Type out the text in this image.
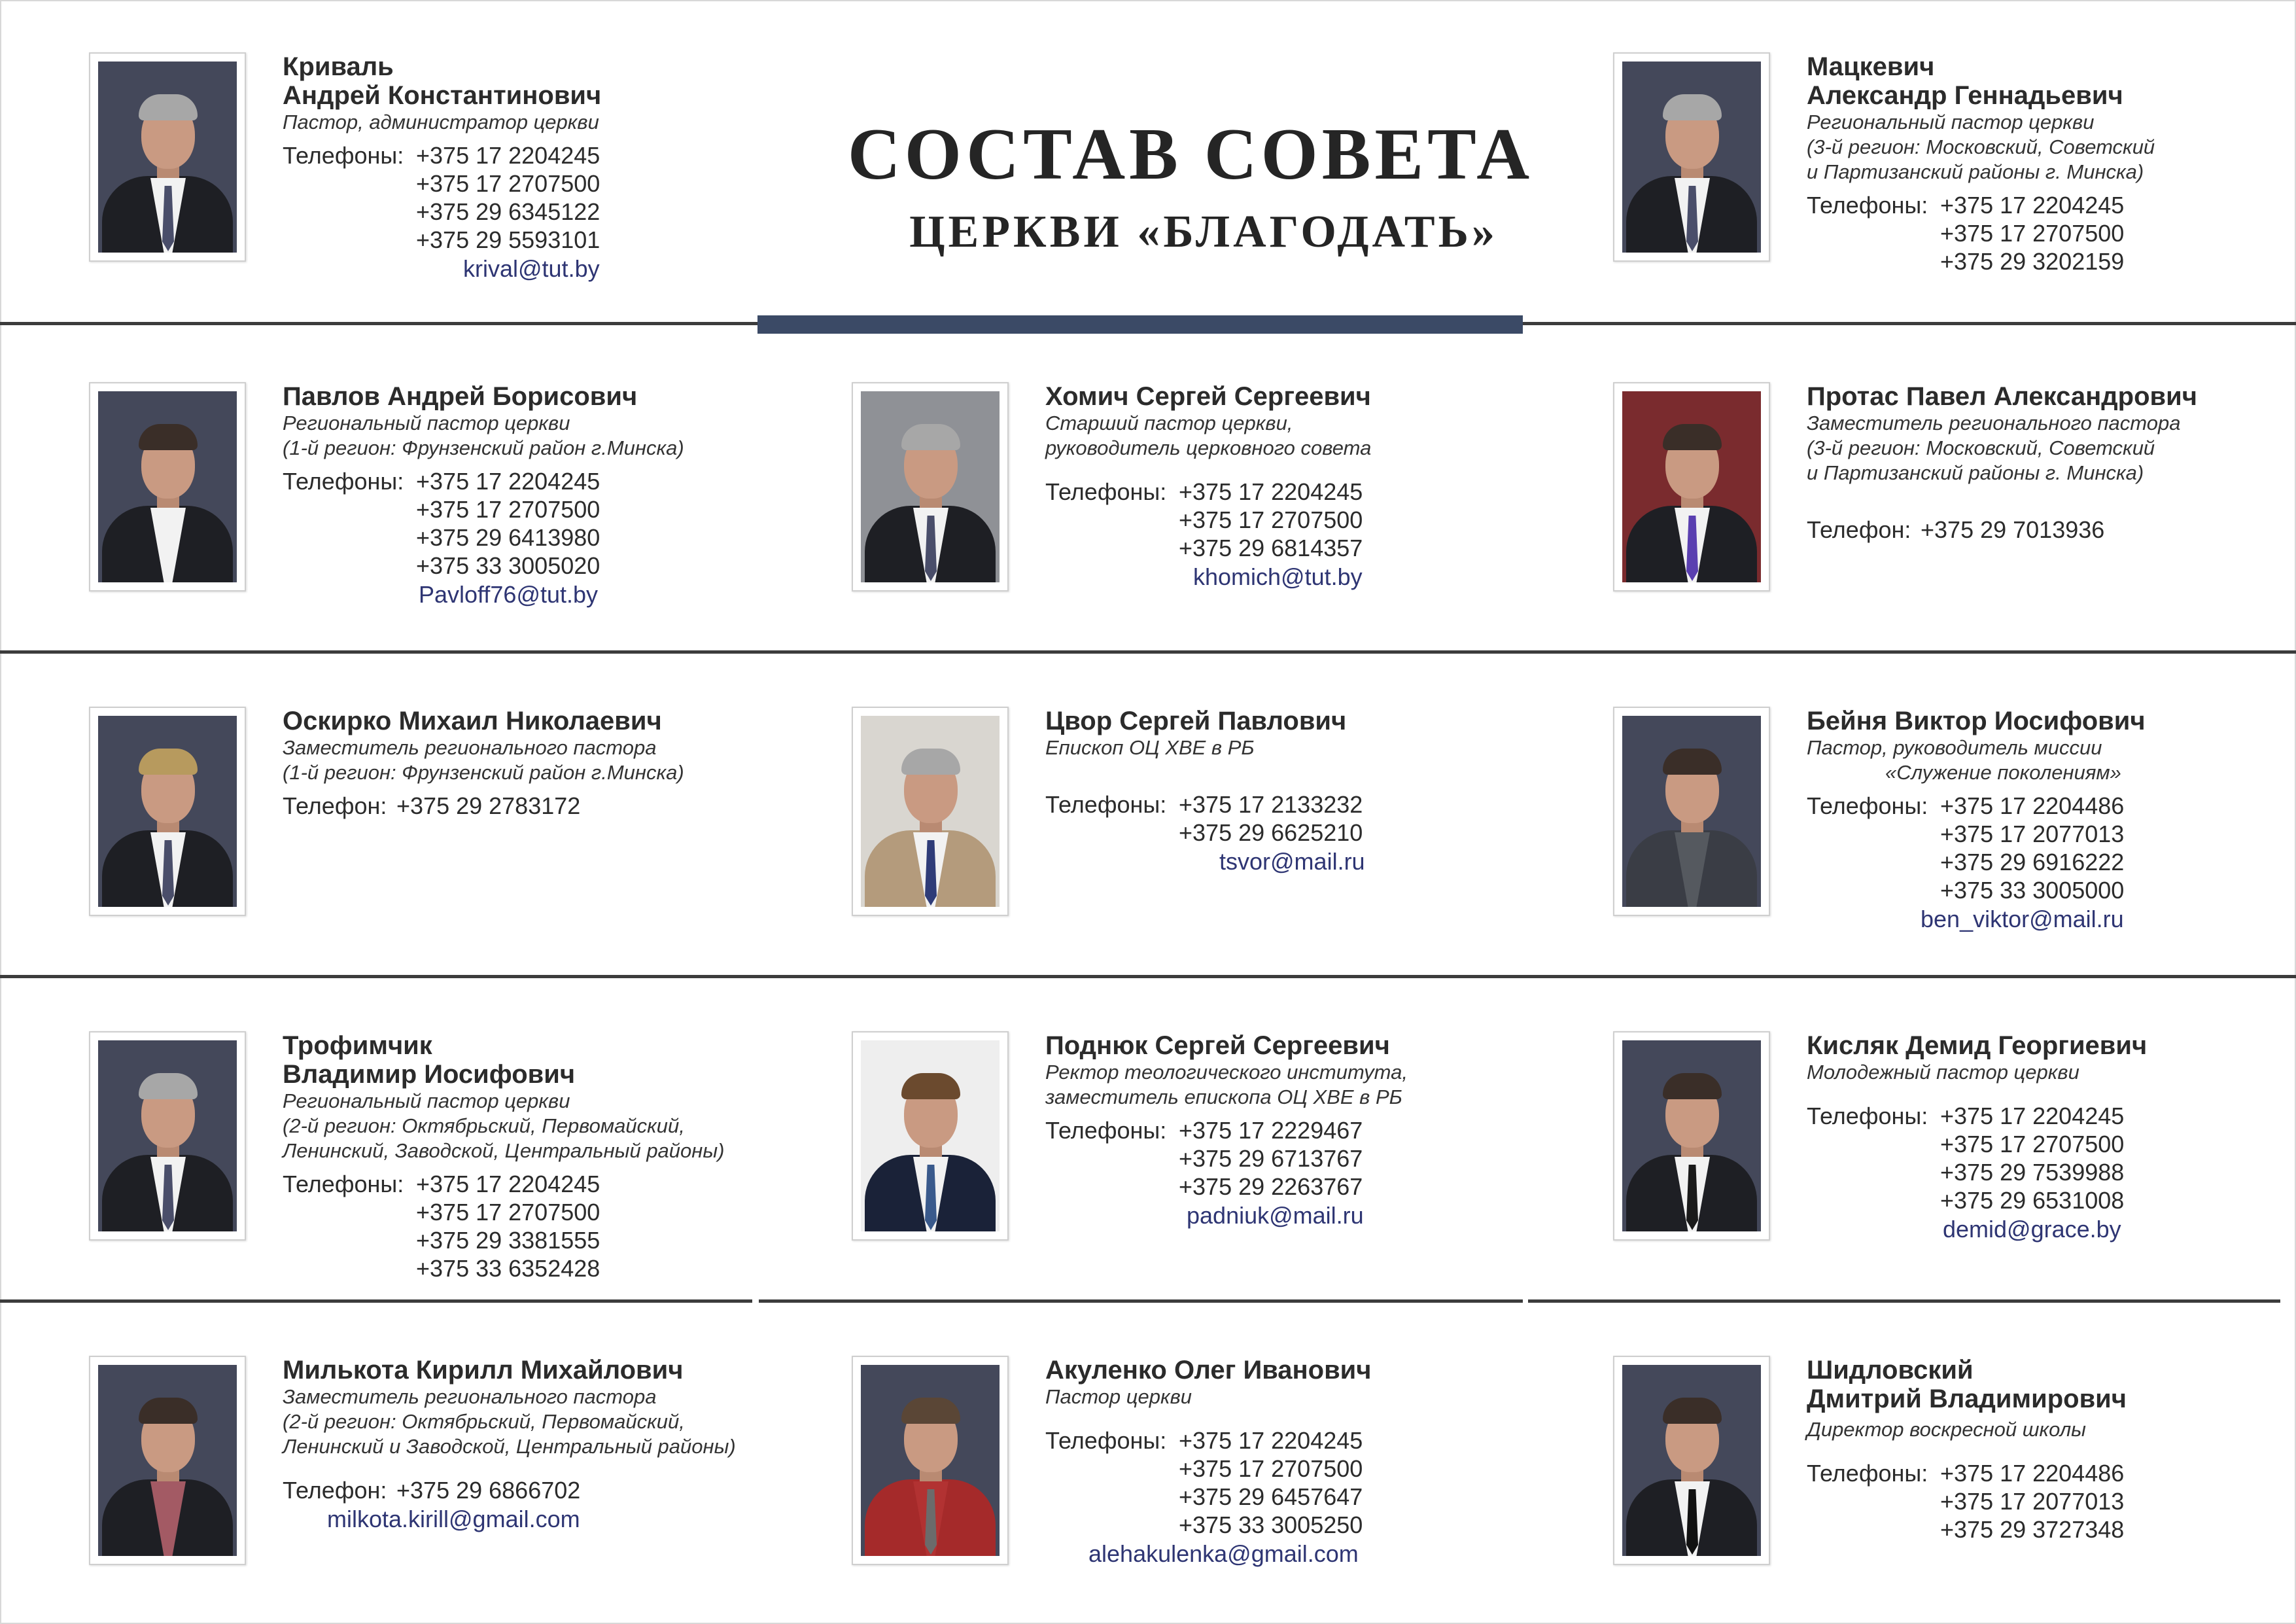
СОСТАВ СОВЕТА
ЦЕРКВИ «БЛАГОДАТЬ»
Криваль
Андрей Константинович
Пастор, администратор церкви
Телефоны: +375 17 2204245
+375 17 2707500
+375 29 6345122
+375 29 5593101
krival@tut.by
Мацкевич
Александр Геннадьевич
Региональный пастор церкви
(3-й регион: Московский, Советский
и Партизанский районы г. Минска)
Телефоны: +375 17 2204245
+375 17 2707500
+375 29 3202159
Павлов Андрей Борисович
Региональный пастор церкви
(1-й регион: Фрунзенский район г.Минска)
Телефоны: +375 17 2204245
+375 17 2707500
+375 29 6413980
+375 33 3005020
Pavloff76@tut.by
Хомич Сергей Сергеевич
Старший пастор церкви,
руководитель церковного совета
Телефоны: +375 17 2204245
+375 17 2707500
+375 29 6814357
khomich@tut.by
Протас Павел Александрович
Заместитель регионального пастора
(3-й регион: Московский, Советский
и Партизанский районы г. Минска)
Телефон: +375 29 7013936
Оскирко Михаил Николаевич
Заместитель регионального пастора
(1-й регион: Фрунзенский район г.Минска)
Телефон: +375 29 2783172
Цвор Сергей Павлович
Епископ ОЦ ХВЕ в РБ
Телефоны: +375 17 2133232
+375 29 6625210
tsvor@mail.ru
Бейня Виктор Иосифович
Пастор, руководитель миссии
«Служение поколениям»
Телефоны: +375 17 2204486
+375 17 2077013
+375 29 6916222
+375 33 3005000
ben_viktor@mail.ru
Трофимчик
Владимир Иосифович
Региональный пастор церкви
(2-й регион: Октябрьский, Первомайский,
Ленинский, Заводской, Центральный районы)
Телефоны: +375 17 2204245
+375 17 2707500
+375 29 3381555
+375 33 6352428
Поднюк Сергей Сергеевич
Ректор теологического института,
заместитель епископа ОЦ ХВЕ в РБ
Телефоны: +375 17 2229467
+375 29 6713767
+375 29 2263767
padniuk@mail.ru
Кисляк Демид Георгиевич
Молодежный пастор церкви
Телефоны: +375 17 2204245
+375 17 2707500
+375 29 7539988
+375 29 6531008
demid@grace.by
Милькота Кирилл Михайлович
Заместитель регионального пастора
(2-й регион: Октябрьский, Первомайский,
Ленинский и Заводской, Центральный районы)
Телефон: +375 29 6866702
milkota.kirill@gmail.com
Акуленко Олег Иванович
Пастор церкви
Телефоны: +375 17 2204245
+375 17 2707500
+375 29 6457647
+375 33 3005250
alehakulenka@gmail.com
Шидловский
Дмитрий Владимирович
Директор воскресной школы
Телефоны: +375 17 2204486
+375 17 2077013
+375 29 3727348
